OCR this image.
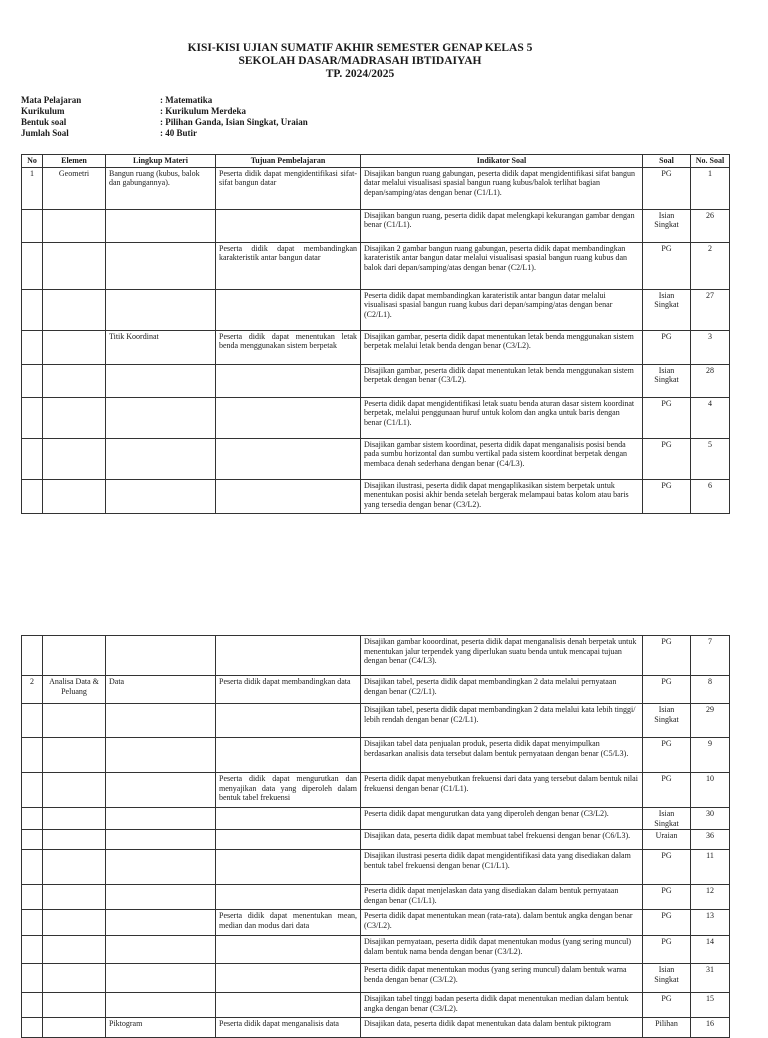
KISI-KISI UJIAN SUMATIF AKHIR SEMESTER GENAP KELAS 5
SEKOLAH DASAR/MADRASAH IBTIDAIYAH
TP. 2024/2025
Mata Pelajaran	: Matematika
Kurikulum	: Kurikulum Merdeka
Bentuk soal	: Pilihan Ganda, Isian Singkat, Uraian
Jumlah Soal	: 40 Butir
No	Elemen	Lingkup Materi	Tujuan Pembelajaran	Indikator Soal	Soal	No. Soal
1	Geometri	Bangun ruang (kubus, balok dan gabungannya).	Peserta didik dapat mengidentifikasi sifat-sifat bangun datar	Disajikan bangun ruang gabungan, peserta didik dapat mengidentifikasi sifat bangun datar melalui visualisasi spasial bangun ruang kubus/balok terlihat bagian depan/samping/atas dengan benar (C1/L1).	PG	1
				Disajikan bangun ruang, peserta didik dapat melengkapi kekurangan gambar dengan benar (C1/L1).	Isian Singkat	26
			Peserta didik dapat membandingkan karakteristik antar bangun datar	Disajikan 2 gambar bangun ruang gabungan, peserta didik dapat membandingkan karateristik antar bangun datar melalui visualisasi spasial bangun ruang kubus dan balok dari depan/samping/atas dengan benar (C2/L1).	PG	2
				Peserta didik dapat membandingkan karateristik antar bangun datar melalui visualisasi spasial bangun ruang kubus dari depan/samping/atas dengan benar (C2/L1).	Isian Singkat	27
		Titik Koordinat	Peserta didik dapat menentukan letak benda menggunakan sistem berpetak	Disajikan gambar, peserta didik dapat menentukan letak benda menggunakan sistem berpetak melalui letak benda dengan benar (C3/L2).	PG	3
				Disajikan gambar, peserta didik dapat menentukan letak benda menggunakan sistem berpetak dengan benar (C3/L2).	Isian Singkat	28
				Peserta didik dapat mengidentifikasi letak suatu benda aturan dasar sistem koordinat berpetak, melalui penggunaan huruf untuk kolom dan angka untuk baris dengan benar (C1/L1).	PG	4
				Disajikan gambar sistem koordinat, peserta didik dapat menganalisis posisi benda pada sumbu horizontal dan sumbu vertikal pada sistem koordinat berpetak dengan membaca denah sederhana dengan benar (C4/L3).	PG	5
				Disajikan ilustrasi, peserta didik dapat mengaplikasikan sistem berpetak untuk menentukan posisi akhir benda setelah bergerak melampaui batas kolom atau baris yang tersedia dengan benar (C3/L2).	PG	6
				Disajikan gambar kooordinat, peserta didik dapat menganalisis denah berpetak untuk menentukan jalur terpendek yang diperlukan suatu benda untuk mencapai tujuan dengan benar (C4/L3).	PG	7
2	Analisa Data & Peluang	Data	Peserta didik dapat membandingkan data	Disajikan tabel, peserta didik dapat membandingkan 2 data melalui pernyataan dengan benar (C2/L1).	PG	8
				Disajikan tabel, peserta didik dapat membandingkan 2 data melalui kata lebih tinggi/ lebih rendah dengan benar (C2/L1).	Isian Singkat	29
				Disajikan tabel data penjualan produk, peserta didik dapat menyimpulkan berdasarkan analisis data tersebut dalam bentuk pernyataan dengan benar (C5/L3).	PG	9
			Peserta didik dapat mengurutkan dan menyajikan data yang diperoleh dalam bentuk tabel frekuensi	Peserta didik dapat menyebutkan frekuensi dari data yang tersebut dalam bentuk nilai frekuensi dengan benar (C1/L1).	PG	10
				Peserta didik dapat mengurutkan data yang diperoleh dengan benar (C3/L2).	Isian Singkat	30
				Disajikan data, peserta didik dapat membuat tabel frekuensi dengan benar (C6/L3).	Uraian	36
				Disajikan ilustrasi peserta didik dapat mengidentifikasi data yang disediakan dalam bentuk tabel frekuensi dengan benar (C1/L1).	PG	11
				Peserta didik dapat menjelaskan data yang disediakan dalam bentuk pernyataan dengan benar (C1/L1).	PG	12
			Peserta didik dapat menentukan mean, median dan modus dari data	Peserta didik dapat menentukan mean (rata-rata). dalam bentuk angka dengan benar (C3/L2).	PG	13
				Disajikan pernyataan, peserta didik dapat menentukan modus (yang sering muncul) dalam bentuk nama benda dengan benar (C3/L2).	PG	14
				Peserta didik dapat menentukan modus (yang sering muncul) dalam bentuk warna benda dengan benar (C3/L2).	Isian Singkat	31
				Disajikan tabel tinggi badan peserta didik dapat menentukan median dalam bentuk angka dengan benar (C3/L2).	PG	15
		Piktogram	Peserta didik dapat menganalisis data	Disajikan data, peserta didik dapat menentukan data dalam bentuk piktogram	Pilihan	16
